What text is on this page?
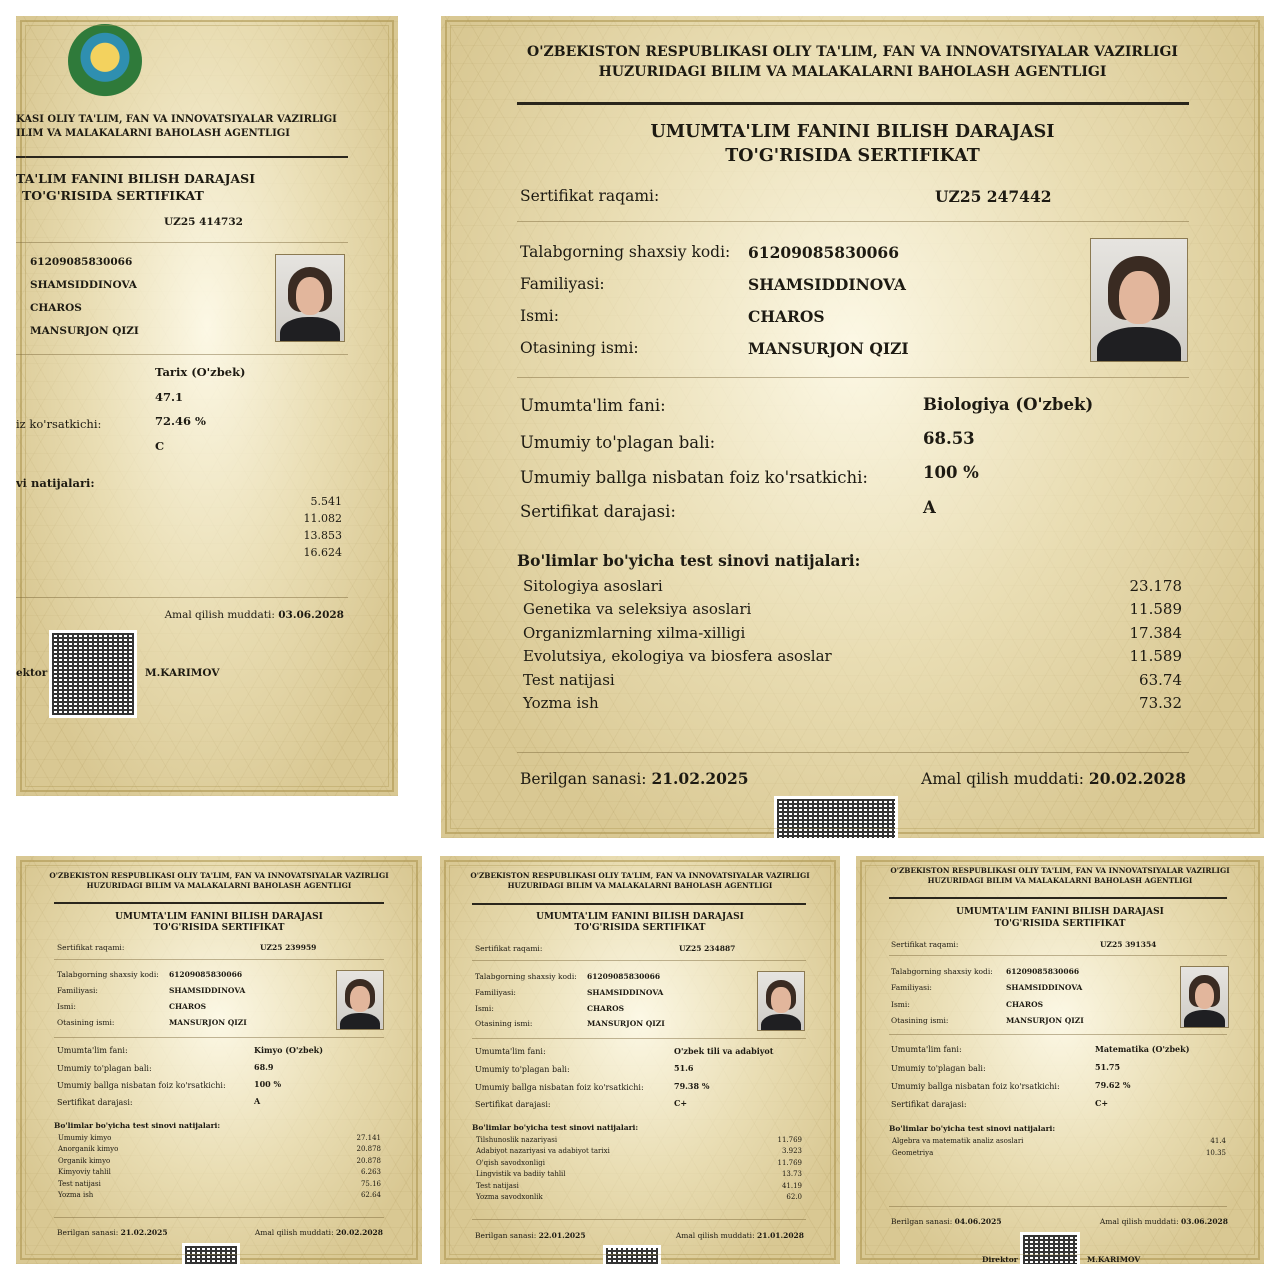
KASI OLIY TA'LIM, FAN VA INNOVATSIYALAR VAZIRLIGI
ILIM VA MALAKALARNI BAHOLASH AGENTLIGI
TA'LIM FANINI BILISH DARAJASI
TO'G'RISIDA SERTIFIKAT
UZ25 414732
61209085830066
SHAMSIDDINOVA
CHAROS
MANSURJON QIZI
Tarix (O'zbek)
47.1
iz ko'rsatkichi:	72.46 %
C
vi natijalari:
5.541
11.082
13.853
16.624
Amal qilish muddati: 03.06.2028
ektor	M.KARIMOV
O'ZBEKISTON RESPUBLIKASI OLIY TA'LIM, FAN VA INNOVATSIYALAR VAZIRLIGI
HUZURIDAGI BILIM VA MALAKALARNI BAHOLASH AGENTLIGI
UMUMTA'LIM FANINI BILISH DARAJASI
TO'G'RISIDA SERTIFIKAT
Sertifikat raqami:	UZ25 247442
Talabgorning shaxsiy kodi: 61209085830066
Familiyasi:	SHAMSIDDINOVA
Ismi:	CHAROS
Otasining ismi:	MANSURJON QIZI
Umumta'lim fani:	Biologiya (O'zbek)
Umumiy to'plagan bali:	68.53
Umumiy ballga nisbatan foiz ko'rsatkichi:	100 %
Sertifikat darajasi:	A
Bo'limlar bo'yicha test sinovi natijalari:
Sitologiya asoslari	23.178
Genetika va seleksiya asoslari	11.589
Organizmlarning xilma-xilligi	17.384
Evolutsiya, ekologiya va biosfera asoslar	11.589
Test natijasi	63.74
Yozma ish	73.32
Berilgan sanasi: 21.02.2025	Amal qilish muddati: 20.02.2028
O'ZBEKISTON RESPUBLIKASI OLIY TA'LIM, FAN VA INNOVATSIYALAR VAZIRLIGI
HUZURIDAGI BILIM VA MALAKALARNI BAHOLASH AGENTLIGI
UMUMTA'LIM FANINI BILISH DARAJASI
TO'G'RISIDA SERTIFIKAT
Sertifikat raqami:	UZ25 239959
Talabgorning shaxsiy kodi: 61209085830066
Familiyasi:	SHAMSIDDINOVA
Ismi:	CHAROS
Otasining ismi:	MANSURJON QIZI
Umumta'lim fani:	Kimyo (O'zbek)
Umumiy to'plagan bali:	68.9
Umumiy ballga nisbatan foiz ko'rsatkichi:	100 %
Sertifikat darajasi:	A
Bo'limlar bo'yicha test sinovi natijalari:
Umumiy kimyo	27.141
Anorganik kimyo	20.878
Organik kimyo	20.878
Kimyoviy tahlil	6.263
Test natijasi	75.16
Yozma ish	62.64
Berilgan sanasi: 21.02.2025	Amal qilish muddati: 20.02.2028
O'ZBEKISTON RESPUBLIKASI OLIY TA'LIM, FAN VA INNOVATSIYALAR VAZIRLIGI
HUZURIDAGI BILIM VA MALAKALARNI BAHOLASH AGENTLIGI
UMUMTA'LIM FANINI BILISH DARAJASI
TO'G'RISIDA SERTIFIKAT
Sertifikat raqami:	UZ25 234887
Talabgorning shaxsiy kodi: 61209085830066
Familiyasi:	SHAMSIDDINOVA
Ismi:	CHAROS
Otasining ismi:	MANSURJON QIZI
Umumta'lim fani:	O'zbek tili va adabiyot
Umumiy to'plagan bali:	51.6
Umumiy ballga nisbatan foiz ko'rsatkichi:	79.38 %
Sertifikat darajasi:	C+
Bo'limlar bo'yicha test sinovi natijalari:
Tilshunoslik nazariyasi	11.769
Adabiyot nazariyasi va adabiyot tarixi	3.923
O'qish savodxonligi	11.769
Lingvistik va badiiy tahlil	13.73
Test natijasi	41.19
Yozma savodxonlik	62.0
Berilgan sanasi: 22.01.2025	Amal qilish muddati: 21.01.2028
O'ZBEKISTON RESPUBLIKASI OLIY TA'LIM, FAN VA INNOVATSIYALAR VAZIRLIGI
HUZURIDAGI BILIM VA MALAKALARNI BAHOLASH AGENTLIGI
UMUMTA'LIM FANINI BILISH DARAJASI
TO'G'RISIDA SERTIFIKAT
Sertifikat raqami:	UZ25 391354
Talabgorning shaxsiy kodi: 61209085830066
Familiyasi:	SHAMSIDDINOVA
Ismi:	CHAROS
Otasining ismi:	MANSURJON QIZI
Umumta'lim fani:	Matematika (O'zbek)
Umumiy to'plagan bali:	51.75
Umumiy ballga nisbatan foiz ko'rsatkichi:	79.62 %
Sertifikat darajasi:	C+
Bo'limlar bo'yicha test sinovi natijalari:
Algebra va matematik analiz asoslari	41.4
Geometriya	10.35
Berilgan sanasi: 04.06.2025	Amal qilish muddati: 03.06.2028
Direktor	M.KARIMOV
